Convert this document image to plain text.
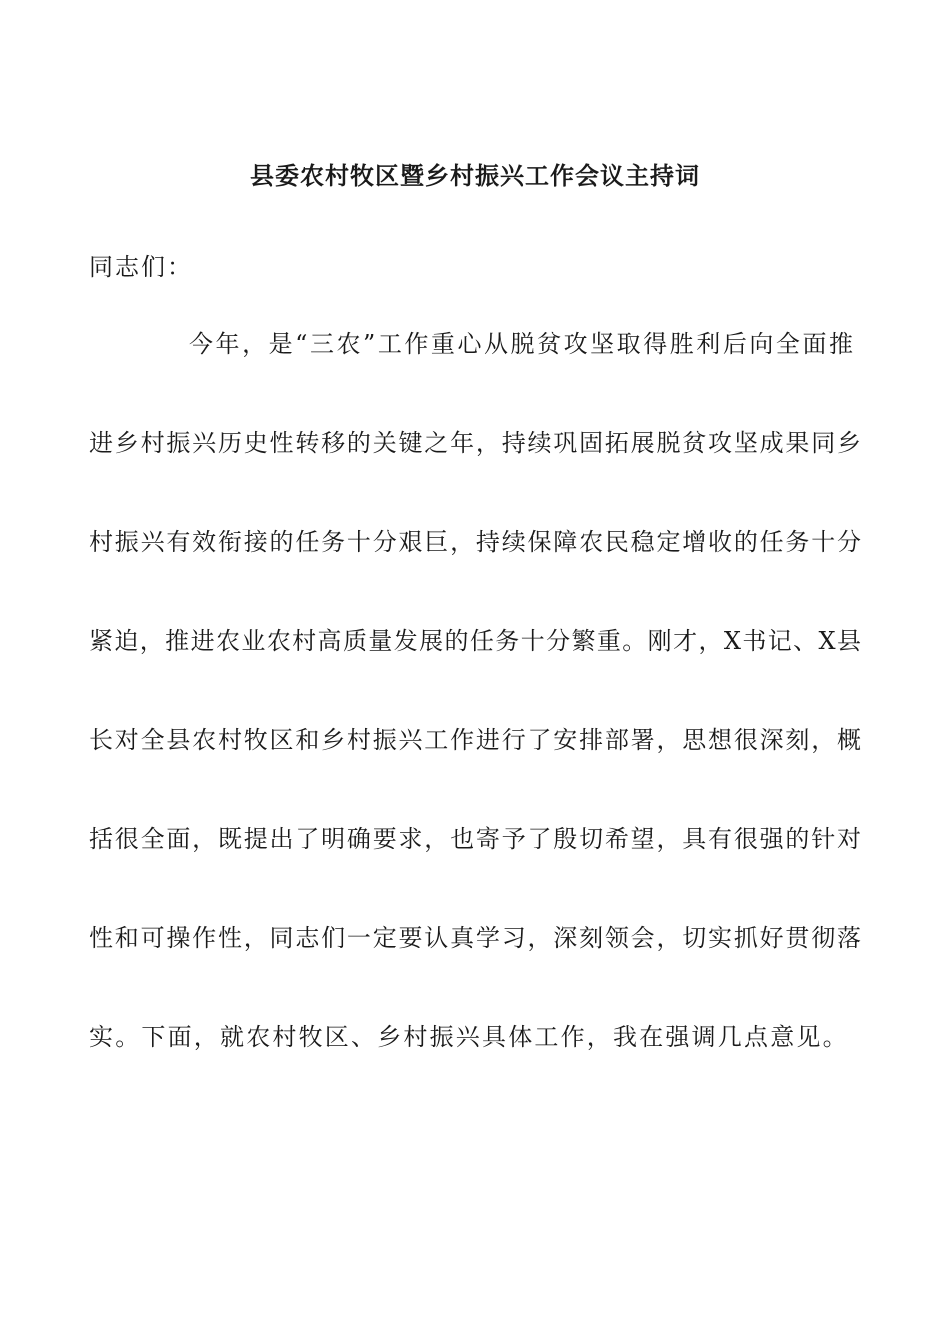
县委农村牧区暨乡村振兴工作会议主持词
同志们：
今年，是“三农”工作重心从脱贫攻坚取得胜利后向全面推
进乡村振兴历史性转移的关键之年，持续巩固拓展脱贫攻坚成果同乡
村振兴有效衔接的任务十分艰巨，持续保障农民稳定增收的任务十分
紧迫，推进农业农村高质量发展的任务十分繁重。刚才，X书记、X县
长对全县农村牧区和乡村振兴工作进行了安排部署，思想很深刻，概
括很全面，既提出了明确要求，也寄予了殷切希望，具有很强的针对
性和可操作性，同志们一定要认真学习，深刻领会，切实抓好贯彻落
实。下面，就农村牧区、乡村振兴具体工作，我在强调几点意见。
